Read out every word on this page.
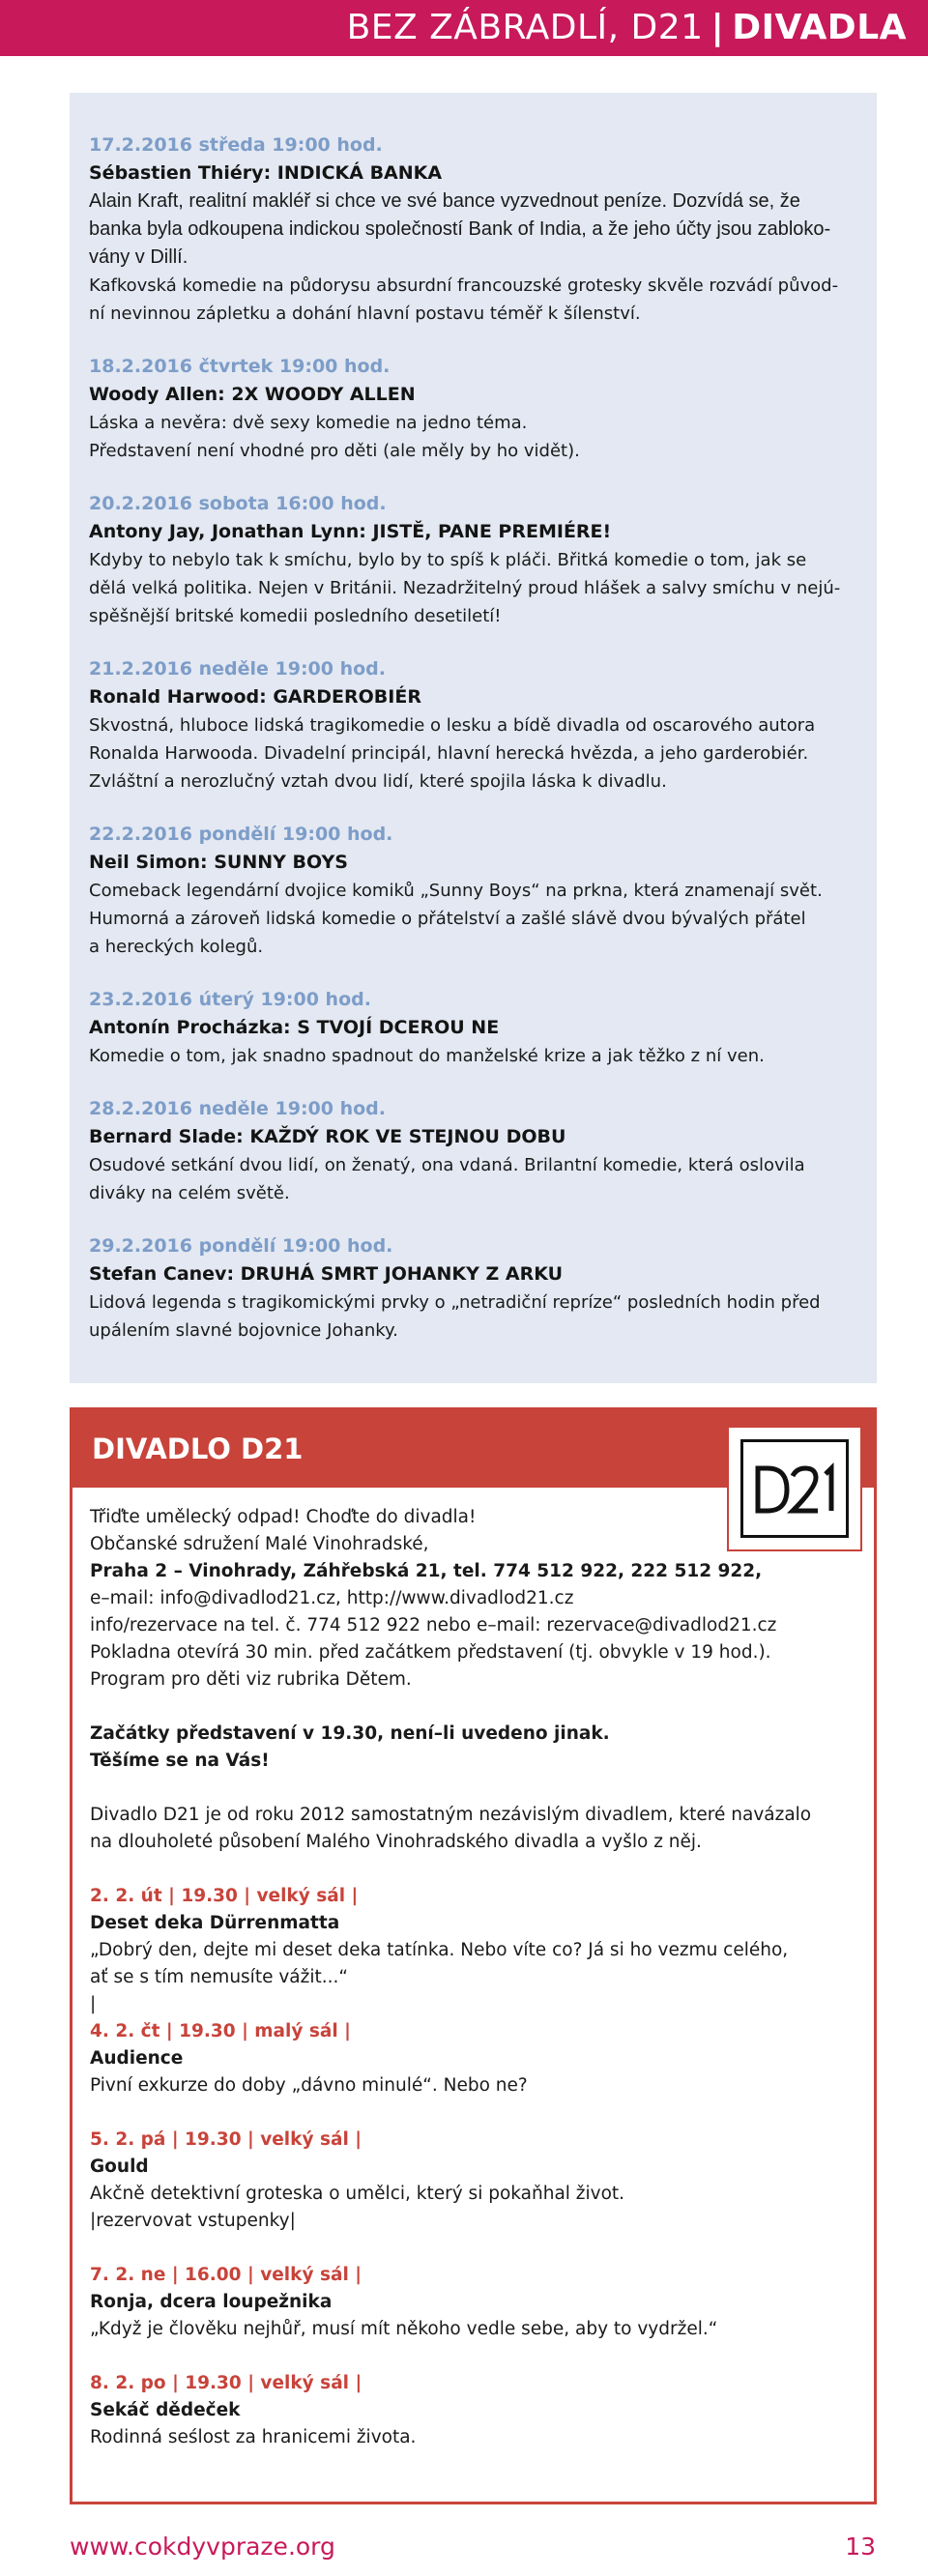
BEZ ZÁBRADLÍ, D21 | DIVADLA

17.2.2016 středa 19:00 hod.

Sébastien Thiéry: INDICKÁ BANKA

Alain Kraft, realitní makléř si chce ve své bance vyzvednout peníze. Dozvídá se, že

banka byla odkoupena indickou společností Bank of India, a že jeho účty jsou zabloko-

vány v Dillí.

Kafkovská komedie na půdorysu absurdní francouzské grotesky skvěle rozvádí původ-

ní nevinnou zápletku a dohání hlavní postavu téměř k šílenství.

18.2.2016 čtvrtek 19:00 hod.

Woody Allen: 2X WOODY ALLEN

Láska a nevěra: dvě sexy komedie na jedno téma.

Představení není vhodné pro děti (ale měly by ho vidět).

20.2.2016 sobota 16:00 hod.

Antony Jay, Jonathan Lynn: JISTĚ, PANE PREMIÉRE!

Kdyby to nebylo tak k smíchu, bylo by to spíš k pláči. Břitká komedie o tom, jak se

dělá velká politika. Nejen v Británii. Nezadržitelný proud hlášek a salvy smíchu v nejú-

spěšnější britské komedii posledního desetiletí!

21.2.2016 neděle 19:00 hod.

Ronald Harwood: GARDEROBIÉR

Skvostná, hluboce lidská tragikomedie o lesku a bídě divadla od oscarového autora

Ronalda Harwooda. Divadelní principál, hlavní herecká hvězda, a jeho garderobiér.

Zvláštní a nerozlučný vztah dvou lidí, které spojila láska k divadlu.

22.2.2016 pondělí 19:00 hod.

Neil Simon: SUNNY BOYS

Comeback legendární dvojice komiků „Sunny Boys“ na prkna, která znamenají svět.

Humorná a zároveň lidská komedie o přátelství a zašlé slávě dvou bývalých přátel

a hereckých kolegů.

23.2.2016 úterý 19:00 hod.

Antonín Procházka: S TVOJÍ DCEROU NE

Komedie o tom, jak snadno spadnout do manželské krize a jak těžko z ní ven.

28.2.2016 neděle 19:00 hod.

Bernard Slade: KAŽDÝ ROK VE STEJNOU DOBU

Osudové setkání dvou lidí, on ženatý, ona vdaná. Brilantní komedie, která oslovila

diváky na celém světě.

29.2.2016 pondělí 19:00 hod.

Stefan Canev: DRUHÁ SMRT JOHANKY Z ARKU

Lidová legenda s tragikomickými prvky o „netradiční repríze“ posledních hodin před

upálením slavné bojovnice Johanky.

DIVADLO D21

Třiďte umělecký odpad! Choďte do divadla!

Občanské sdružení Malé Vinohradské,

Praha 2 – Vinohrady, Záhřebská 21, tel. 774 512 922, 222 512 922,

e–mail: info@divadlod21.cz, http://www.divadlod21.cz

info/rezervace na tel. č. 774 512 922 nebo e–mail: rezervace@divadlod21.cz

Pokladna otevírá 30 min. před začátkem představení (tj. obvykle v 19 hod.).

Program pro děti viz rubrika Dětem.

Začátky představení v 19.30, není–li uvedeno jinak.

Těšíme se na Vás!

Divadlo D21 je od roku 2012 samostatným nezávislým divadlem, které navázalo

na dlouholeté působení Malého Vinohradského divadla a vyšlo z něj.

2. 2. út | 19.30 | velký sál |

Deset deka Dürrenmatta

„Dobrý den, dejte mi deset deka tatínka. Nebo víte co? Já si ho vezmu celého,

ať se s tím nemusíte vážit...“

|

4. 2. čt | 19.30 | malý sál |

Audience

Pivní exkurze do doby „dávno minulé“. Nebo ne?

5. 2. pá | 19.30 | velký sál |

Gould

Akčně detektivní groteska o umělci, který si pokaňhal život.

|rezervovat vstupenky|

7. 2. ne | 16.00 | velký sál |

Ronja, dcera loupežnika

„Když je člověku nejhůř, musí mít někoho vedle sebe, aby to vydržel.“

8. 2. po | 19.30 | velký sál |

Sekáč dědeček

Rodinná seślost za hranicemi života.

www.cokdyvpraze.org	13
